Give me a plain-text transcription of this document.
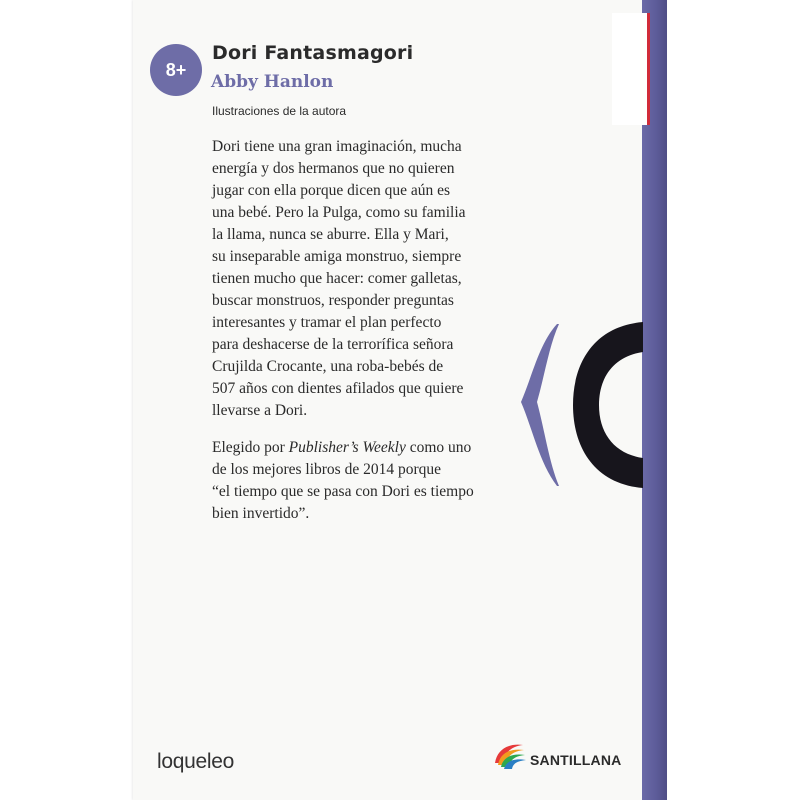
8+
Dori Fantasmagori
Abby Hanlon

Ilustraciones de la autora

Dori tiene una gran imaginación, mucha
energía y dos hermanos que no quieren
jugar con ella porque dicen que aún es
una bebé. Pero la Pulga, como su familia
la llama, nunca se aburre. Ella y Mari,
su inseparable amiga monstruo, siempre
tienen mucho que hacer: comer galletas,
buscar monstruos, responder preguntas
interesantes y tramar el plan perfecto
para deshacerse de la terrorífica señora
Crujilda Crocante, una roba-bebés de
507 años con dientes afilados que quiere
llevarse a Dori.

Elegido por Publisher’s Weekly como uno
de los mejores libros de 2014 porque
“el tiempo que se pasa con Dori es tiempo
bien invertido”.

loqueleo	SANTILLANA
